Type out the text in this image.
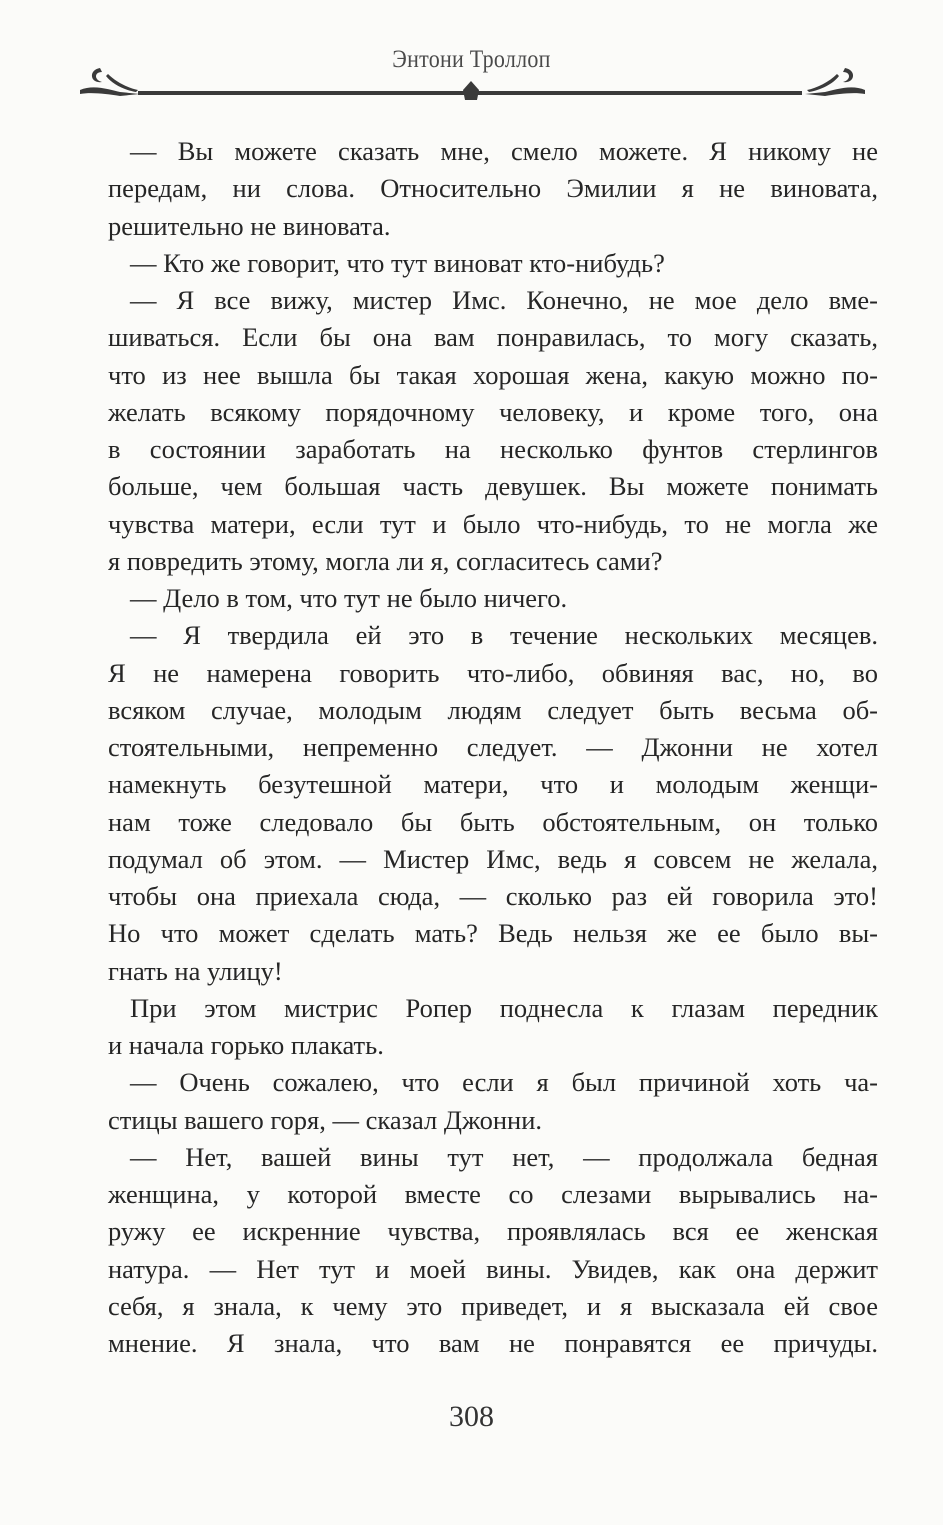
Энтони Троллоп
— Вы можете сказать мне, смело можете. Я никому не
передам, ни слова. Относительно Эмилии я не виновата,
решительно не виновата.
— Кто же говорит, что тут виноват кто-нибудь?
— Я все вижу, мистер Имс. Конечно, не мое дело вме-
шиваться. Если бы она вам понравилась, то могу сказать,
что из нее вышла бы такая хорошая жена, какую можно по-
желать всякому порядочному человеку, и кроме того, она
в состоянии заработать на несколько фунтов стерлингов
больше, чем большая часть девушек. Вы можете понимать
чувства матери, если тут и было что-нибудь, то не могла же
я повредить этому, могла ли я, согласитесь сами?
— Дело в том, что тут не было ничего.
— Я твердила ей это в течение нескольких месяцев.
Я не намерена говорить что-либо, обвиняя вас, но, во
всяком случае, молодым людям следует быть весьма об-
стоятельными, непременно следует. — Джонни не хотел
намекнуть безутешной матери, что и молодым женщи-
нам тоже следовало бы быть обстоятельным, он только
подумал об этом. — Мистер Имс, ведь я совсем не желала,
чтобы она приехала сюда, — сколько раз ей говорила это!
Но что может сделать мать? Ведь нельзя же ее было вы-
гнать на улицу!
При этом мистрис Ропер поднесла к глазам передник
и начала горько плакать.
— Очень сожалею, что если я был причиной хоть ча-
стицы вашего горя, — сказал Джонни.
— Нет, вашей вины тут нет, — продолжала бедная
женщина, у которой вместе со слезами вырывались на-
ружу ее искренние чувства, проявлялась вся ее женская
натура. — Нет тут и моей вины. Увидев, как она держит
себя, я знала, к чему это приведет, и я высказала ей свое
мнение. Я знала, что вам не понравятся ее причуды.
308
